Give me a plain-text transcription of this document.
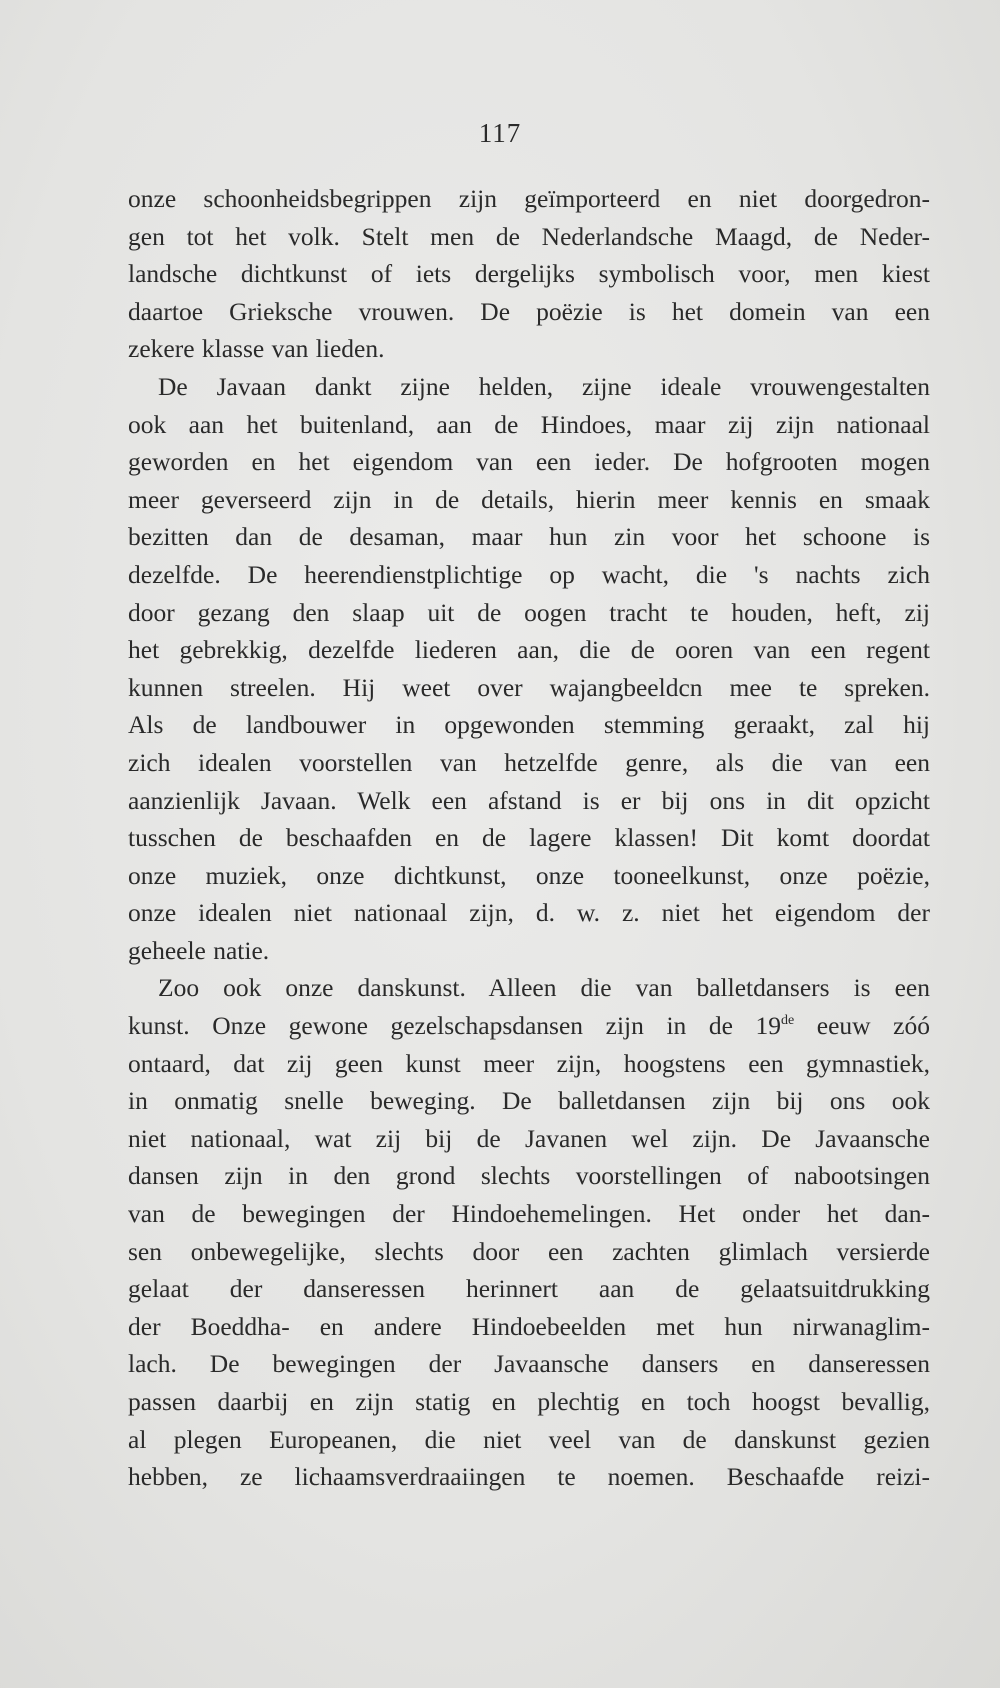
117
onze schoonheidsbegrippen zijn geïmporteerd en niet doorgedron-
gen tot het volk. Stelt men de Nederlandsche Maagd, de Neder-
landsche dichtkunst of iets dergelijks symbolisch voor, men kiest
daartoe Grieksche vrouwen. De poëzie is het domein van een
zekere klasse van lieden.
De Javaan dankt zijne helden, zijne ideale vrouwengestalten
ook aan het buitenland, aan de Hindoes, maar zij zijn nationaal
geworden en het eigendom van een ieder. De hofgrooten mogen
meer geverseerd zijn in de details, hierin meer kennis en smaak
bezitten dan de desaman, maar hun zin voor het schoone is
dezelfde. De heerendienstplichtige op wacht, die 's nachts zich
door gezang den slaap uit de oogen tracht te houden, heft, zij
het gebrekkig, dezelfde liederen aan, die de ooren van een regent
kunnen streelen. Hij weet over wajangbeeldcn mee te spreken.
Als de landbouwer in opgewonden stemming geraakt, zal hij
zich idealen voorstellen van hetzelfde genre, als die van een
aanzienlijk Javaan. Welk een afstand is er bij ons in dit opzicht
tusschen de beschaafden en de lagere klassen! Dit komt doordat
onze muziek, onze dichtkunst, onze tooneelkunst, onze poëzie,
onze idealen niet nationaal zijn, d. w. z. niet het eigendom der
geheele natie.
Zoo ook onze danskunst. Alleen die van balletdansers is een
kunst. Onze gewone gezelschapsdansen zijn in de 19de eeuw zóó
ontaard, dat zij geen kunst meer zijn, hoogstens een gymnastiek,
in onmatig snelle beweging. De balletdansen zijn bij ons ook
niet nationaal, wat zij bij de Javanen wel zijn. De Javaansche
dansen zijn in den grond slechts voorstellingen of nabootsingen
van de bewegingen der Hindoehemelingen. Het onder het dan-
sen onbewegelijke, slechts door een zachten glimlach versierde
gelaat der danseressen herinnert aan de gelaatsuitdrukking
der Boeddha- en andere Hindoebeelden met hun nirwanaglim-
lach. De bewegingen der Javaansche dansers en danseressen
passen daarbij en zijn statig en plechtig en toch hoogst bevallig,
al plegen Europeanen, die niet veel van de danskunst gezien
hebben, ze lichaamsverdraaiingen te noemen. Beschaafde reizi-
